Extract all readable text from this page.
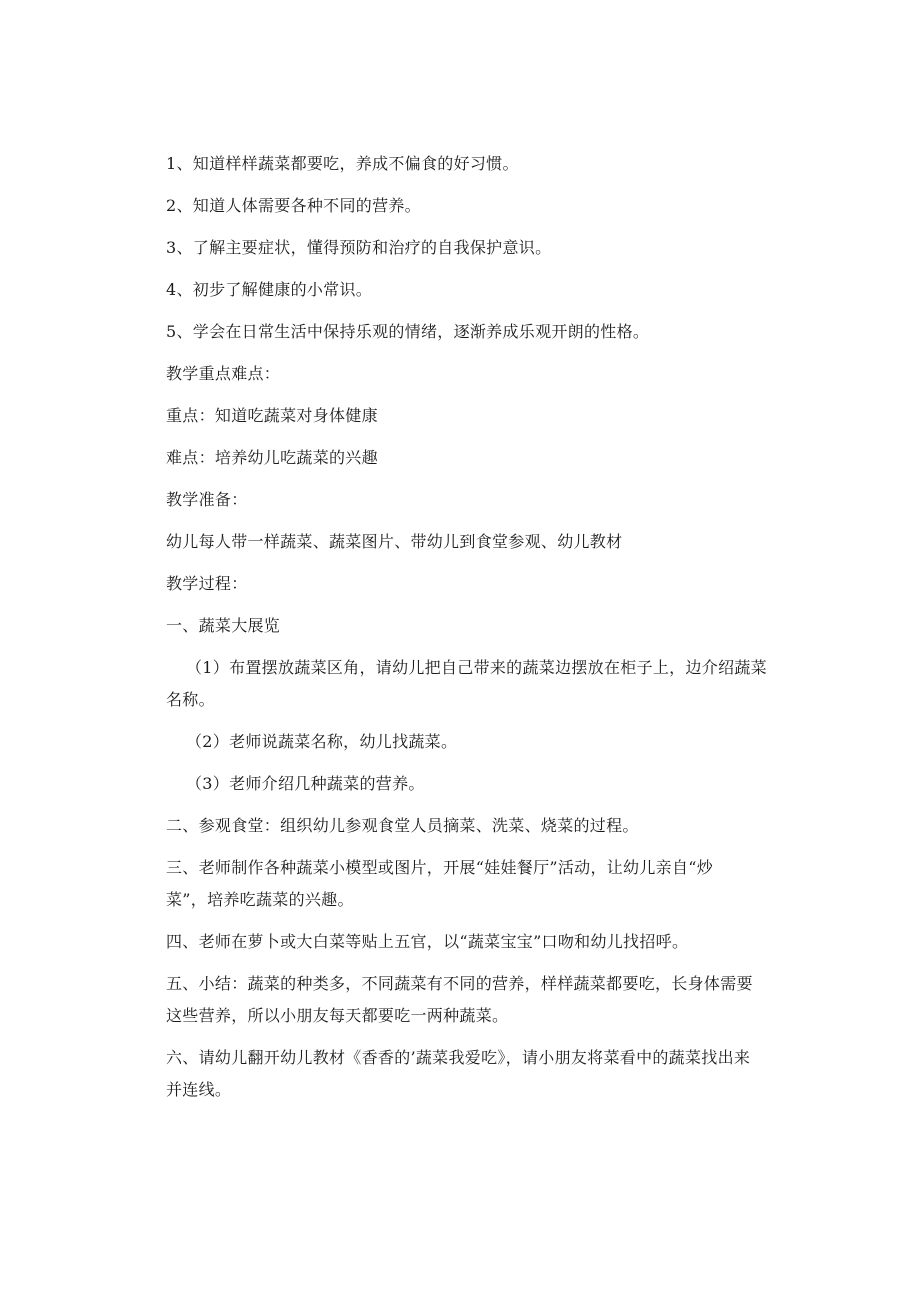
1、知道样样蔬菜都要吃，养成不偏食的好习惯。
2、知道人体需要各种不同的营养。
3、了解主要症状，懂得预防和治疗的自我保护意识。
4、初步了解健康的小常识。
5、学会在日常生活中保持乐观的情绪，逐渐养成乐观开朗的性格。
教学重点难点：
重点：知道吃蔬菜对身体健康
难点：培养幼儿吃蔬菜的兴趣
教学准备：
幼儿每人带一样蔬菜、蔬菜图片、带幼儿到食堂参观、幼儿教材
教学过程：
一、蔬菜大展览
（1）布置摆放蔬菜区角，请幼儿把自己带来的蔬菜边摆放在柜子上，边介绍蔬菜
名称。
（2）老师说蔬菜名称，幼儿找蔬菜。
（3）老师介绍几种蔬菜的营养。
二、参观食堂：组织幼儿参观食堂人员摘菜、洗菜、烧菜的过程。
三、老师制作各种蔬菜小模型或图片，开展“娃娃餐厅”活动，让幼儿亲自“炒
菜”，培养吃蔬菜的兴趣。
四、老师在萝卜或大白菜等贴上五官，以“蔬菜宝宝”口吻和幼儿找招呼。
五、小结：蔬菜的种类多，不同蔬菜有不同的营养，样样蔬菜都要吃，长身体需要
这些营养，所以小朋友每天都要吃一两种蔬菜。
六、请幼儿翻开幼儿教材《香香的’蔬菜我爱吃》，请小朋友将菜看中的蔬菜找出来
并连线。
